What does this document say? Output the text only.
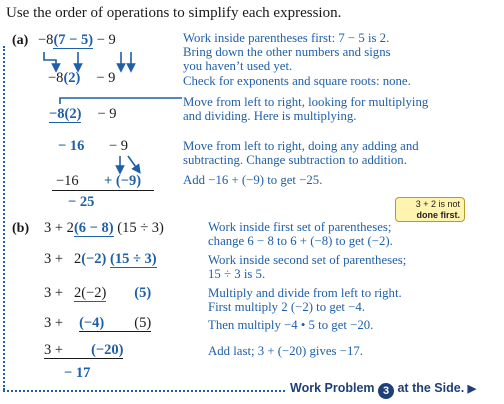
Use the order of operations to simplify each expression.
(a) −8(7 − 5) − 9
−8(2) − 9
−8(2) − 9
− 16 − 9
−16 + (−9)
− 25
Work inside parentheses first: 7 − 5 is 2.
Bring down the other numbers and signs
you haven’t used yet.
Check for exponents and square roots: none.
Move from left to right, looking for multiplying
and dividing. Here is multiplying.
Move from left to right, doing any adding and
subtracting. Change subtraction to addition.
Add −16 + (−9) to get −25.
3 + 2 is not
done first.
(b) 3 + 2(6 − 8) (15 ÷ 3)
3 + 2(−2) (15 ÷ 3)
3 + 2(−2) (5)
3 + (−4) (5)
3 + (−20)
− 17
Work inside first set of parentheses;
change 6 − 8 to 6 + (−8) to get (−2).
Work inside second set of parentheses;
15 ÷ 3 is 5.
Multiply and divide from left to right.
First multiply 2 (−2) to get −4.
Then multiply −4 • 5 to get −20.
Add last; 3 + (−20) gives −17.
Work Problem 3 at the Side. ▶
